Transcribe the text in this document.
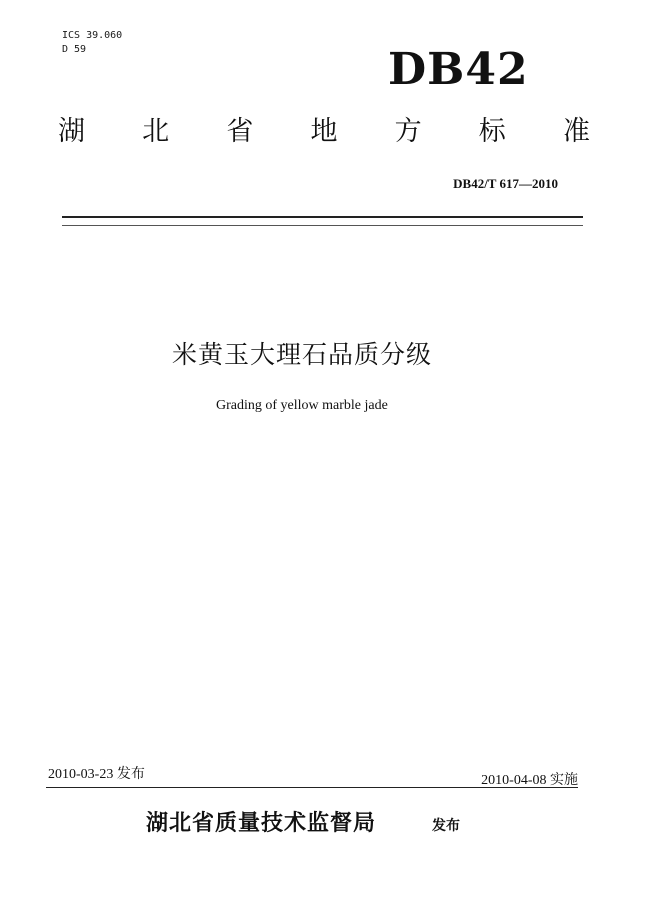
ICS 39.060
D 59	DB42
湖 北 省 地 方 标 准
DB42/T 617—2010
米黄玉大理石品质分级
Grading of yellow marble jade
2010-03-23 发布	2010-04-08 实施
湖北省质量技术监督局	发布
